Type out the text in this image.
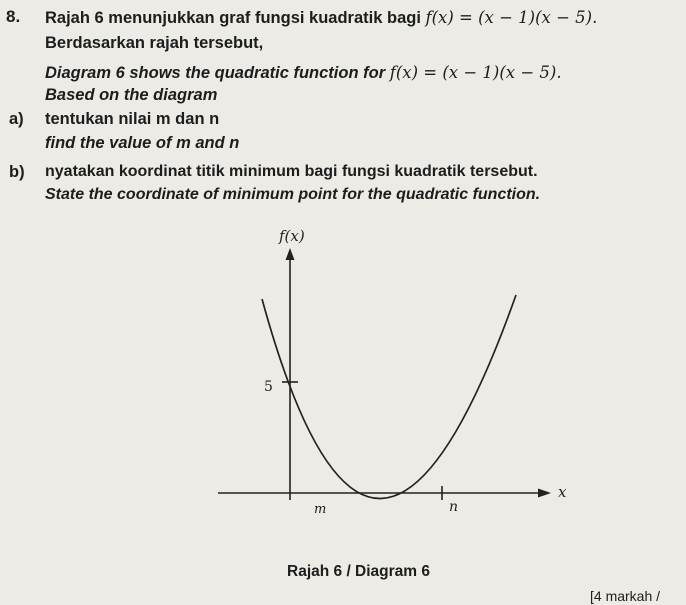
8. Rajah 6 menunjukkan graf fungsi kuadratik bagi f(x) = (x − 1)(x − 5).
Berdasarkan rajah tersebut,
Diagram 6 shows the quadratic function for f(x) = (x − 1)(x − 5).
Based on the diagram
a) tentukan nilai m dan n
find the value of m and n
b) nyatakan koordinat titik minimum bagi fungsi kuadratik tersebut.
State the coordinate of minimum point for the quadratic function.
f(x)
x
5
m	n
Rajah 6 / Diagram 6
[4 markah /
